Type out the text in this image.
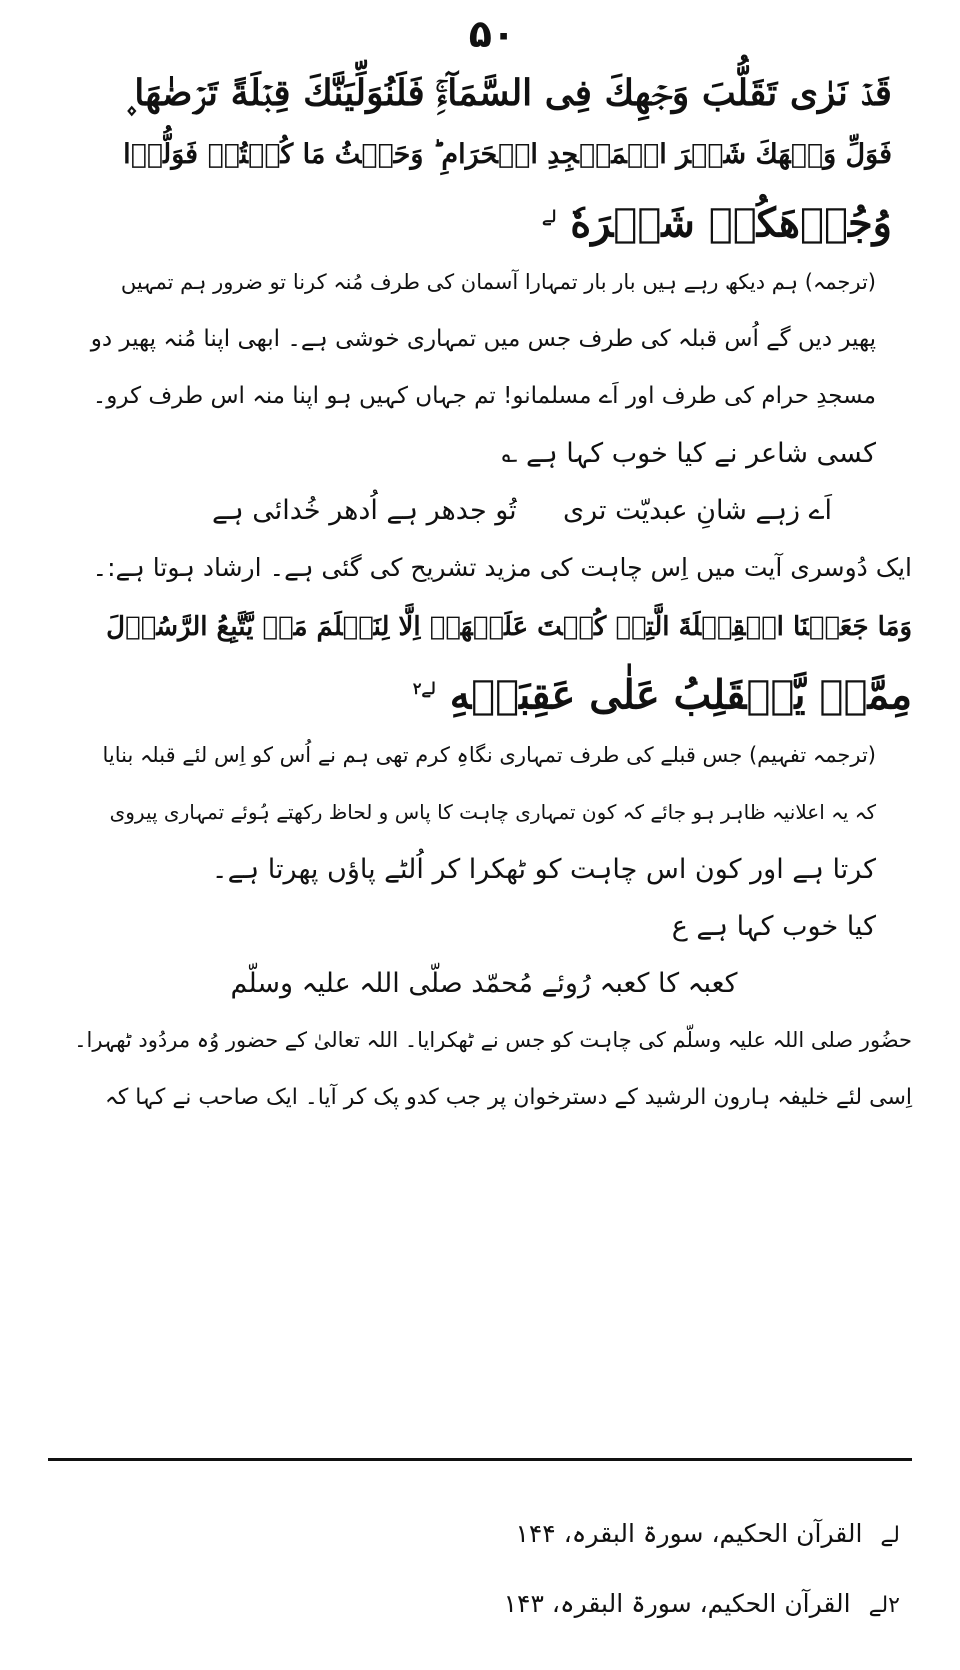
۵۰
قَدۡ نَرٰی تَقَلُّبَ وَجۡهِكَ فِی السَّمَآءِۚ فَلَنُوَلِّيَنَّكَ قِبۡلَةً تَرۡضٰهَا ۪
فَوَلِّ وَجۡهَكَ شَطۡرَ الۡمَسۡجِدِ الۡحَرَامِ ؕ وَحَيۡثُ مَا كُنۡتُمۡ فَوَلُّوۡا
وُجُوۡهَكُمۡ شَطۡرَهٗ $^{لے}$
(ترجمہ) ہم دیکھ رہے ہیں بار بار تمہارا آسمان کی طرف مُنہ کرنا تو ضرور ہم تمہیں
پھیر دیں گے اُس قبلہ کی طرف جس میں تمہاری خوشی ہے۔ ابھی اپنا مُنہ پھیر دو
مسجدِ حرام کی طرف اور اَے مسلمانو! تم جہاں کہیں ہو اپنا منہ اس طرف کرو۔
کسی شاعر نے کیا خوب کہا ہے ؎
اَے زہے شانِ عبدیّت تری
تُو جدھر ہے اُدھر خُدائی ہے
ایک دُوسری آیت میں اِس چاہت کی مزید تشریح کی گئی ہے۔ ارشاد ہوتا ہے:۔
وَمَا جَعَلۡنَا الۡقِبۡلَةَ الَّتِیۡ كُنۡتَ عَلَيۡهَاۤ اِلَّا لِنَعۡلَمَ مَنۡ يَّتَّبِعُ الرَّسُوۡلَ
مِمَّنۡ يَّنۡقَلِبُ عَلٰى عَقِبَيۡهِ $^{لے۲}$
(ترجمہ تفہیم) جس قبلے کی طرف تمہاری نگاہِ کرم تھی ہم نے اُس کو اِس لئے قبلہ بنایا
کہ یہ اعلانیہ ظاہر ہو جائے کہ کون تمہاری چاہت کا پاس و لحاظ رکھتے ہُوئے تمہاری پیروی
کرتا ہے اور کون اس چاہت کو ٹھکرا کر اُلٹے پاؤں پھرتا ہے۔
کیا خوب کہا ہے ع
کعبہ کا کعبہ رُوئے مُحمّد صلّی اللہ علیہ وسلّم
حضُور صلی اللہ علیہ وسلّم کی چاہت کو جس نے ٹھکرایا۔ اللہ تعالیٰ کے حضور وُہ مردُود ٹھہرا۔
اِسی لئے خلیفہ ہارون الرشید کے دسترخوان پر جب کدو پک کر آیا۔ ایک صاحب نے کہا کہ
لے القرآن الحکیم، سورۃ البقرہ، ۱۴۴
۲لے القرآن الحکیم، سورۃ البقرہ، ۱۴۳
